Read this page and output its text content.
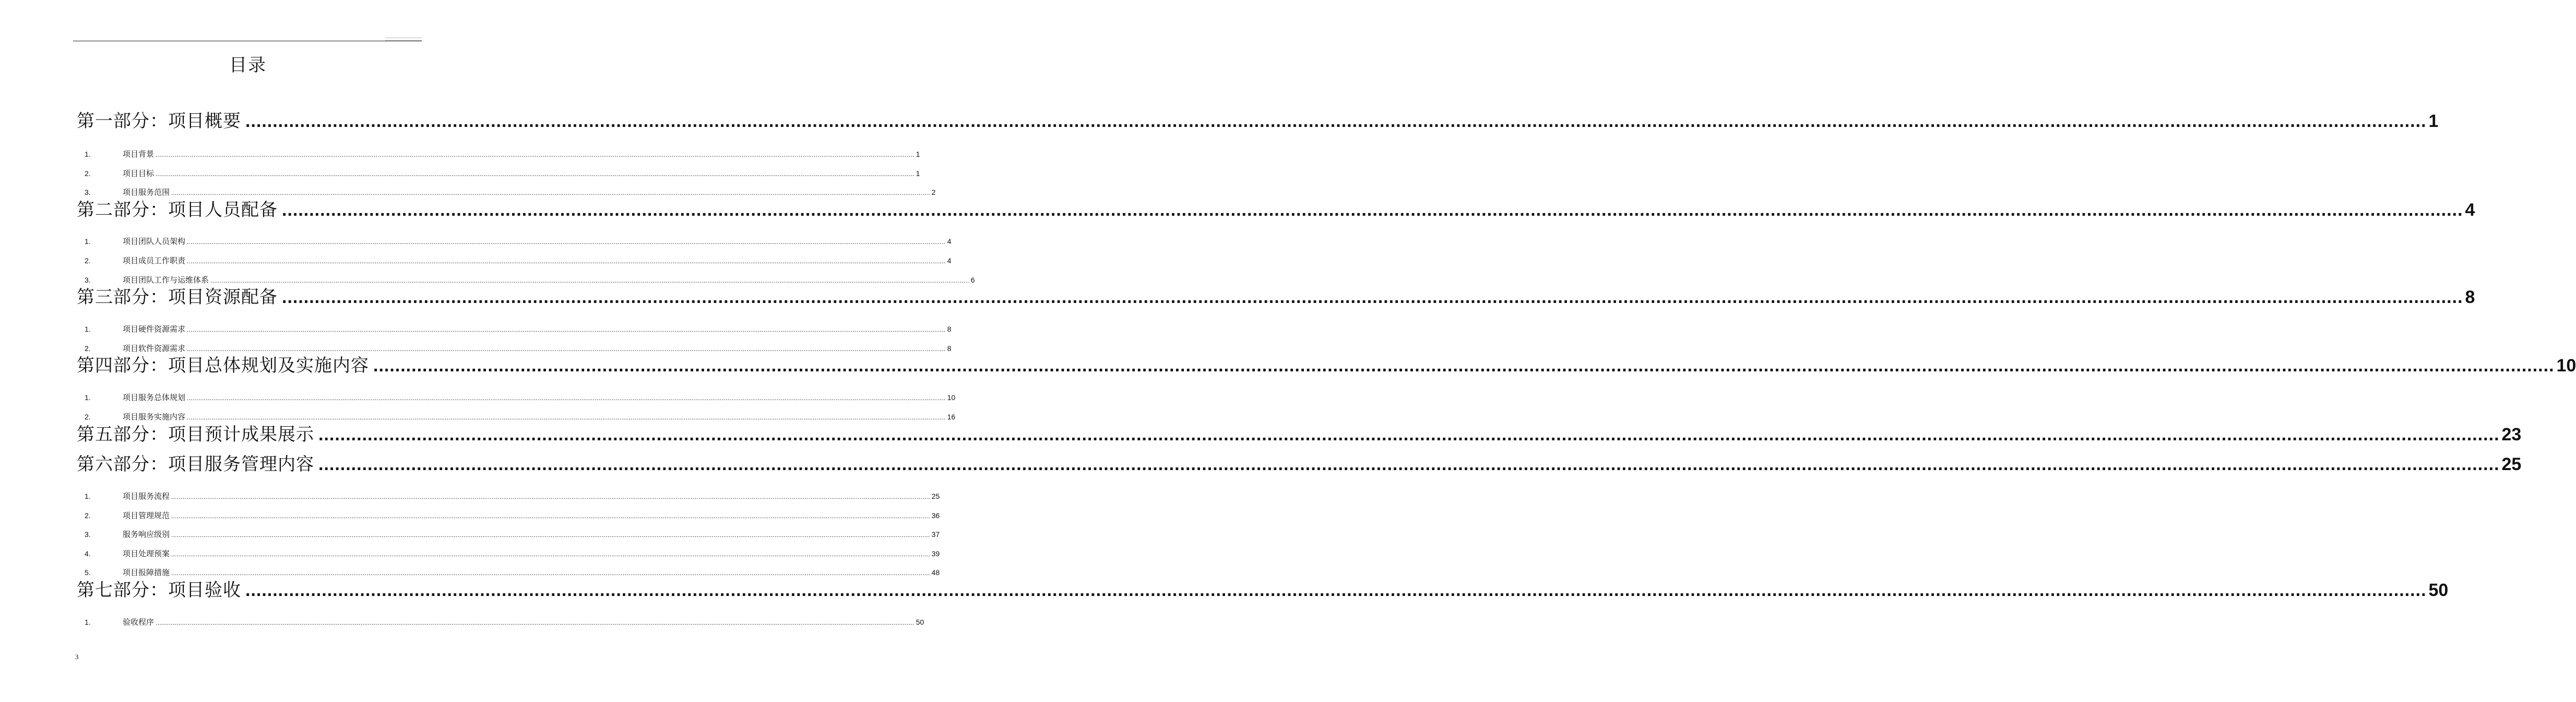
目录
第一部分：项目概要 ................................................................................................................................................................................................................................................................................................................................................................................................................ 1
1.	项目背景 ................................................................................................................................................................................................................................................................................................................................................................................................................ 1
2.	项目目标 ................................................................................................................................................................................................................................................................................................................................................................................................................ 1
3.	项目服务范围 ................................................................................................................................................................................................................................................................................................................................................................................................................ 2
第二部分：项目人员配备 ................................................................................................................................................................................................................................................................................................................................................................................................................ 4
1.	项目团队人员架构 ................................................................................................................................................................................................................................................................................................................................................................................................................ 4
2.	项目成员工作职责 ................................................................................................................................................................................................................................................................................................................................................................................................................ 4
3.	项目团队工作与运维体系 ................................................................................................................................................................................................................................................................................................................................................................................................................ 6
第三部分：项目资源配备 ................................................................................................................................................................................................................................................................................................................................................................................................................ 8
1.	项目硬件资源需求 ................................................................................................................................................................................................................................................................................................................................................................................................................ 8
2.	项目软件资源需求 ................................................................................................................................................................................................................................................................................................................................................................................................................ 8
第四部分：项目总体规划及实施内容 ................................................................................................................................................................................................................................................................................................................................................................................................................ 10
1.	项目服务总体规划 ................................................................................................................................................................................................................................................................................................................................................................................................................ 10
2.	项目服务实施内容 ................................................................................................................................................................................................................................................................................................................................................................................................................ 16
第五部分：项目预计成果展示 ................................................................................................................................................................................................................................................................................................................................................................................................................ 23
第六部分：项目服务管理内容 ................................................................................................................................................................................................................................................................................................................................................................................................................ 25
1.	项目服务流程 ................................................................................................................................................................................................................................................................................................................................................................................................................ 25
2.	项目管理规范 ................................................................................................................................................................................................................................................................................................................................................................................................................ 36
3.	服务响应级别 ................................................................................................................................................................................................................................................................................................................................................................................................................ 37
4.	项目处理预案 ................................................................................................................................................................................................................................................................................................................................................................................................................ 39
5.	项目报障措施 ................................................................................................................................................................................................................................................................................................................................................................................................................ 48
第七部分：项目验收 ................................................................................................................................................................................................................................................................................................................................................................................................................ 50
1.	验收程序 ................................................................................................................................................................................................................................................................................................................................................................................................................ 50
3
